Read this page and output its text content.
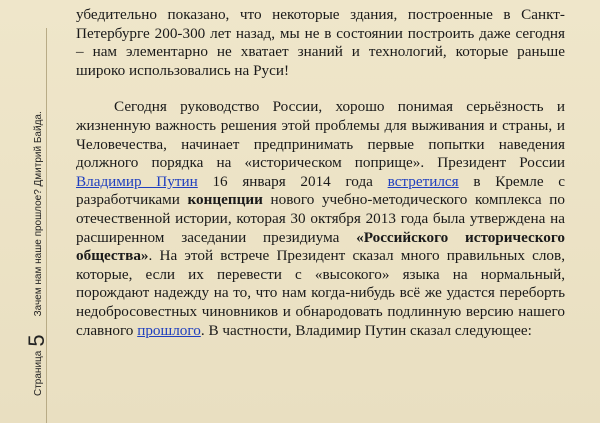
Страница5Зачем нам наше прошлое? Дмитрий Байда.

убедительно показано, что некоторые здания, построенные в Санкт-Петербурге 200-300 лет назад, мы не в состоянии построить даже сегодня – нам элементарно не хватает знаний и технологий, которые раньше широко использовались на Руси!

Сегодня руководство России, хорошо понимая серьёзность и жизненную важность решения этой проблемы для выживания и страны, и Человечества, начинает предпринимать первые попытки наведения должного порядка на «историческом поприще». Президент России Владимир Путин 16 января 2014 года встретился в Кремле с разработчиками концепции нового учебно-методического комплекса по отечественной истории, которая 30 октября 2013 года была утверждена на расширенном заседании президиума «Российского исторического общества». На этой встрече Президент сказал много правильных слов, которые, если их перевести с «высокого» языка на нормальный, порождают надежду на то, что нам когда-нибудь всё же удастся переборть недобросовестных чиновников и обнародовать подлинную версию нашего славного прошлого. В частности, Владимир Путин сказал следующее:
